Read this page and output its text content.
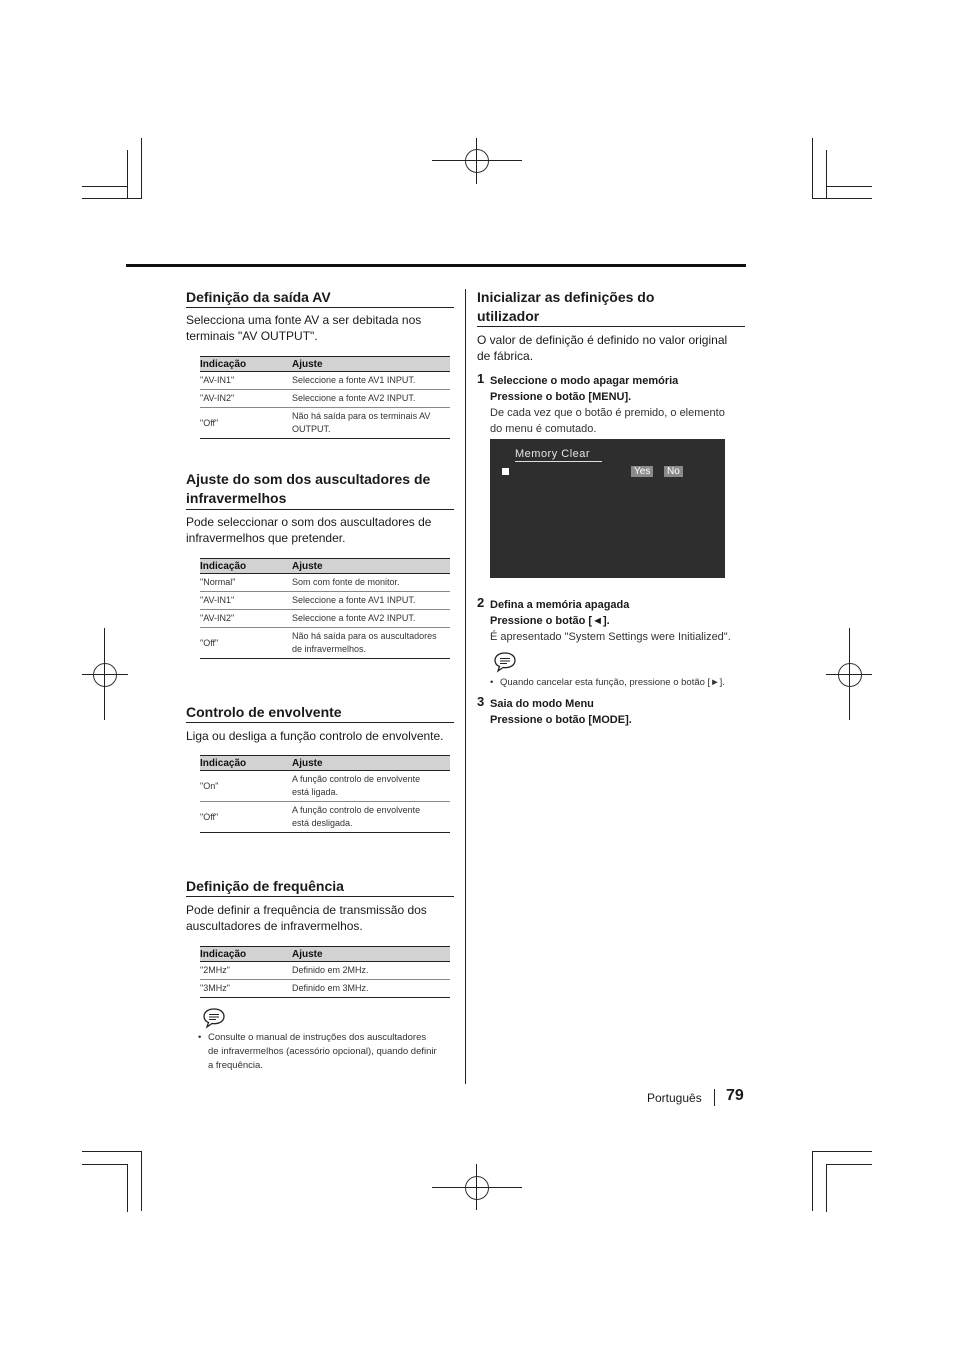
Definição da saída AV

Selecciona uma fonte AV a ser debitada nos
terminais "AV OUTPUT".

Indicação	Ajuste
"AV-IN1"	Seleccione a fonte AV1 INPUT.
"AV-IN2"	Seleccione a fonte AV2 INPUT.
"Off"	Não há saída para os terminais AV OUTPUT.
Ajuste do som dos auscultadores de
infravermelhos

Pode seleccionar o som dos auscultadores de
infravermelhos que pretender.

Indicação	Ajuste
"Normal"	Som com fonte de monitor.
"AV-IN1"	Seleccione a fonte AV1 INPUT.
"AV-IN2"	Seleccione a fonte AV2 INPUT.
"Off"	Não há saída para os auscultadores de infravermelhos.
Controlo de envolvente

Liga ou desliga a função controlo de envolvente.

Indicação	Ajuste
"On"	A função controlo de envolvente está ligada.
"Off"	A função controlo de envolvente está desligada.
Definição de frequência

Pode definir a frequência de transmissão dos
auscultadores de infravermelhos.

Indicação	Ajuste
"2MHz"	Definido em 2MHz.
"3MHz"	Definido em 3MHz.

• Consulte o manual de instruções dos auscultadores
de infravermelhos (acessório opcional), quando definir
a frequência.

Inicializar as definições do
utilizador

O valor de definição é definido no valor original
de fábrica.

1 Seleccione o modo apagar memória
Pressione o botão [MENU].

De cada vez que o botão é premido, o elemento
do menu é comutado.

Memory Clear
Yes	No
2 Defina a memória apagada
Pressione o botão [◄].

É apresentado "System Settings were Initialized".

• Quando cancelar esta função, pressione o botão [►].

3 Saia do modo Menu
Pressione o botão [MODE].

Português 79
